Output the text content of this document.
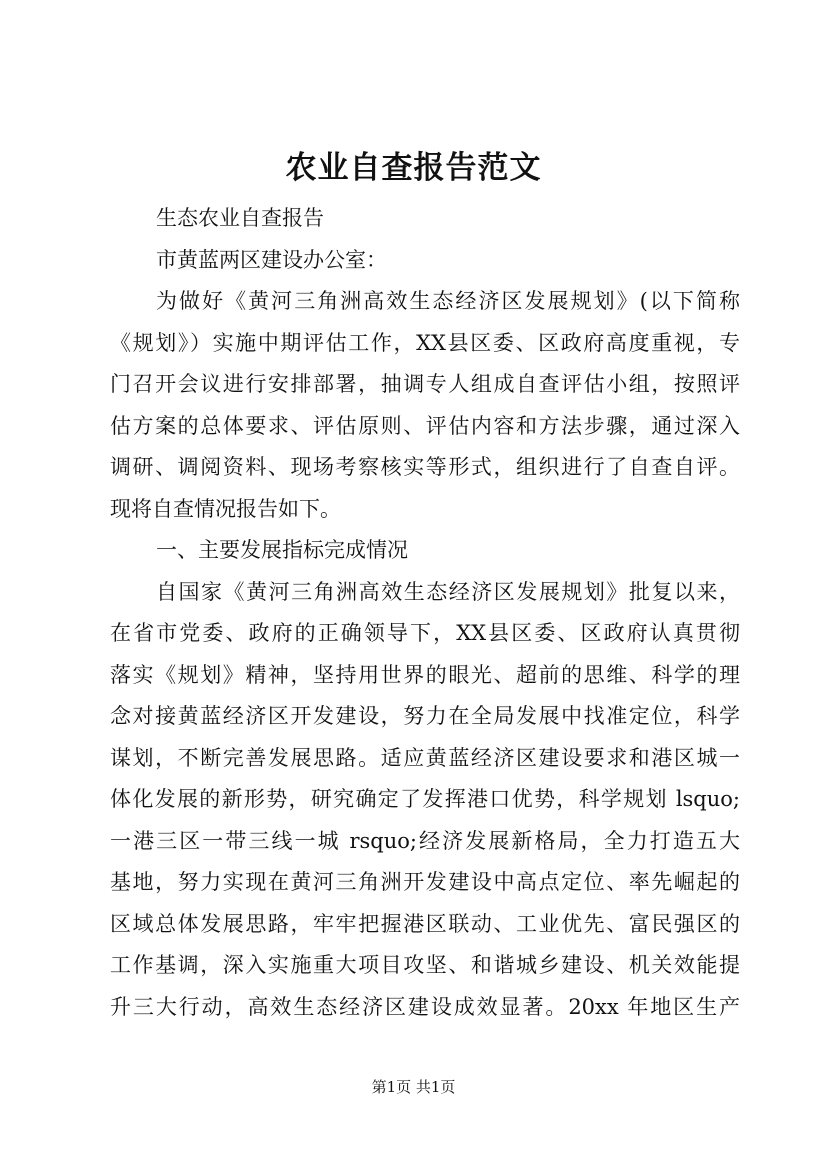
农业自查报告范文
生态农业自查报告
市黄蓝两区建设办公室：
为做好《黄河三角洲高效生态经济区发展规划》(以下简称
《规划》）实施中期评估工作，XX县区委、区政府高度重视，专
门召开会议进行安排部署，抽调专人组成自查评估小组，按照评
估方案的总体要求、评估原则、评估内容和方法步骤，通过深入
调研、调阅资料、现场考察核实等形式，组织进行了自查自评。
现将自查情况报告如下。
一、主要发展指标完成情况
自国家《黄河三角洲高效生态经济区发展规划》批复以来，
在省市党委、政府的正确领导下，XX县区委、区政府认真贯彻
落实《规划》精神，坚持用世界的眼光、超前的思维、科学的理
念对接黄蓝经济区开发建设，努力在全局发展中找准定位，科学
谋划，不断完善发展思路。适应黄蓝经济区建设要求和港区城一
体化发展的新形势，研究确定了发挥港口优势，科学规划 lsquo;
一港三区一带三线一城 rsquo;经济发展新格局，全力打造五大
基地，努力实现在黄河三角洲开发建设中高点定位、率先崛起的
区域总体发展思路，牢牢把握港区联动、工业优先、富民强区的
工作基调，深入实施重大项目攻坚、和谐城乡建设、机关效能提
升三大行动，高效生态经济区建设成效显著。20xx 年地区生产
第1页 共1页
